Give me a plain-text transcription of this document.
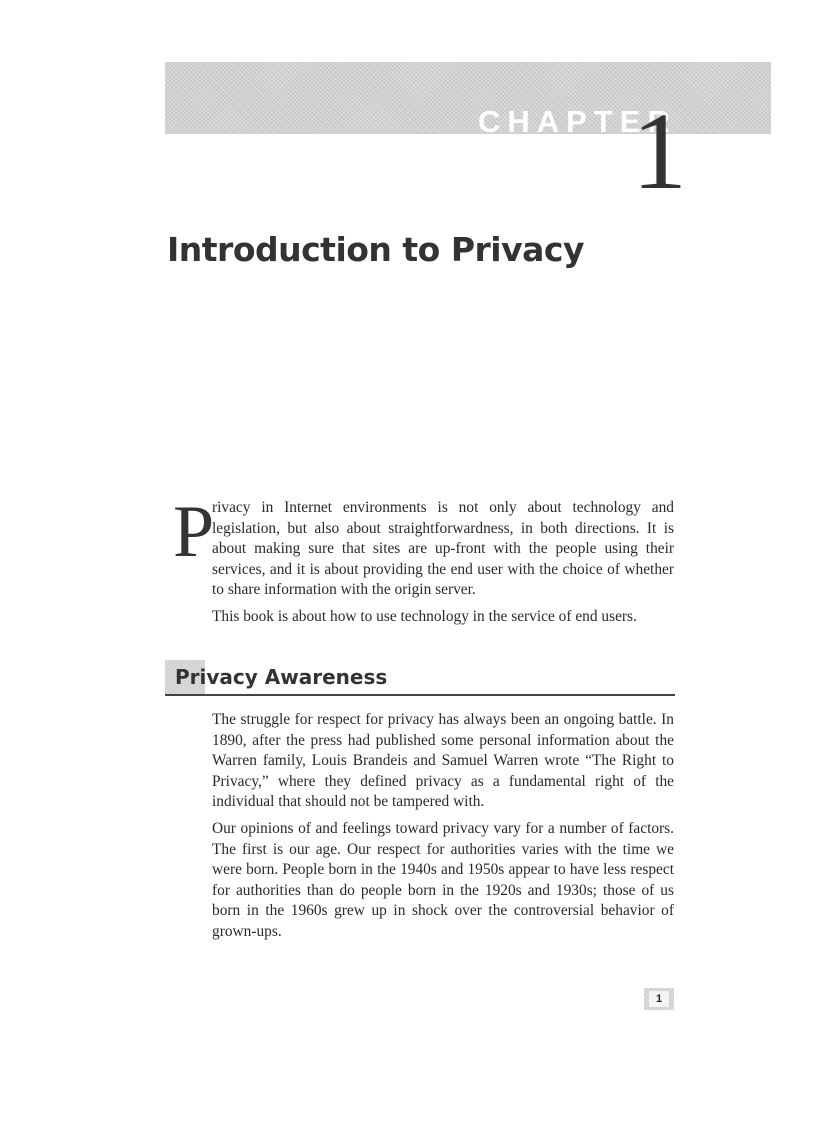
CHAPTER
1
Introduction to Privacy
P

rivacy in Internet environments is not only about technology and legislation, but also about straightforwardness, in both directions. It is about making sure that sites are up-front with the people using their services, and it is about providing the end user with the choice of whether to share information with the origin server.

This book is about how to use technology in the service of end users.

Privacy Awareness

The struggle for respect for privacy has always been an ongoing battle. In 1890, after the press had published some personal information about the Warren family, Louis Brandeis and Samuel Warren wrote “The Right to Privacy,” where they defined privacy as a fundamental right of the individual that should not be tampered with.

Our opinions of and feelings toward privacy vary for a number of factors. The first is our age. Our respect for authorities varies with the time we were born. People born in the 1940s and 1950s appear to have less respect for authorities than do people born in the 1920s and 1930s; those of us born in the 1960s grew up in shock over the controversial behavior of grown-ups.

1
